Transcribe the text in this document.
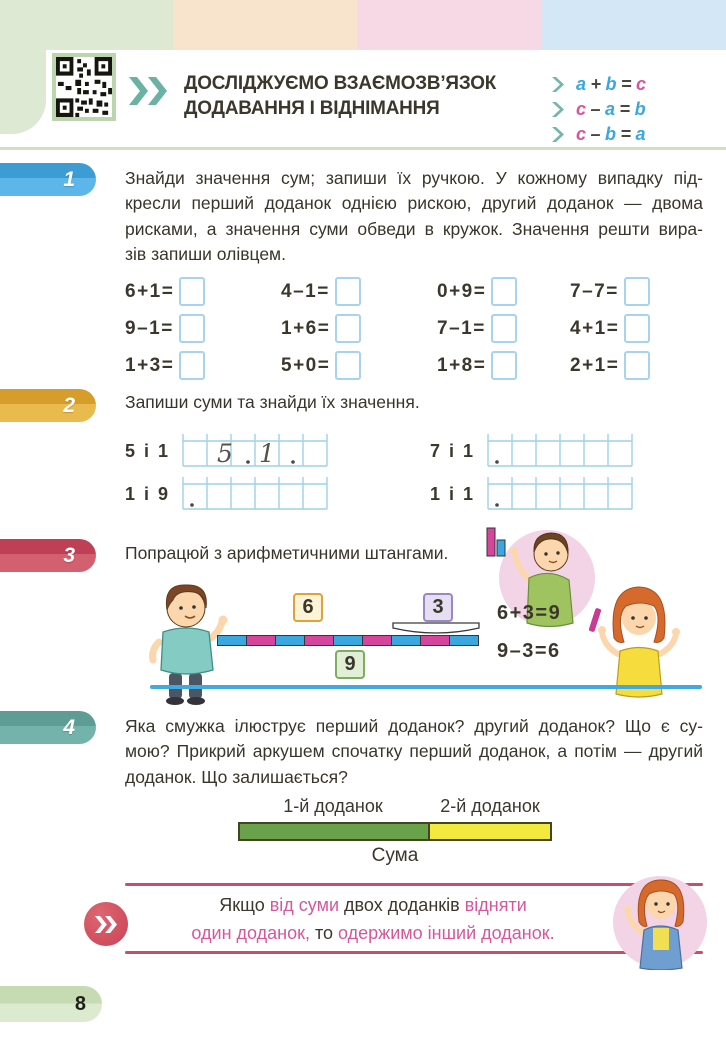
ДОСЛІДЖУЄМО ВЗАЄМОЗВ’ЯЗОК
ДОДАВАННЯ І ВІДНІМАННЯ
a + b = c
c – a = b
c – b = a
1	Знайди значення сум; запиши їх ручкою. У кожному випадку під-
кресли перший доданок однією рискою, другий доданок — двома
рисками, а значення суми обведи в кружок. Значення решти вира-
зів запиши олівцем.
6+1=	4–1=	0+9=	7–7=
9–1=	1+6=	7–1=	4+1=
1+3=	5+0=	1+8=	2+1=
2	Запиши суми та знайди їх значення.
5 і 1 5 1	7 і 1
1 і 9	1 і 1
3	Попрацюй з арифметичними штангами.
6	3
9
6+3=9
9–3=6
4	Яка смужка ілюструє перший доданок? другий доданок? Що є су-
мою? Прикрий аркушем спочатку перший доданок, а потім — другий
доданок. Що залишається?
1-й доданок	2-й доданок
Сума
Якщо від суми двох доданків відняти
один доданок, то одержимо інший доданок.
8
